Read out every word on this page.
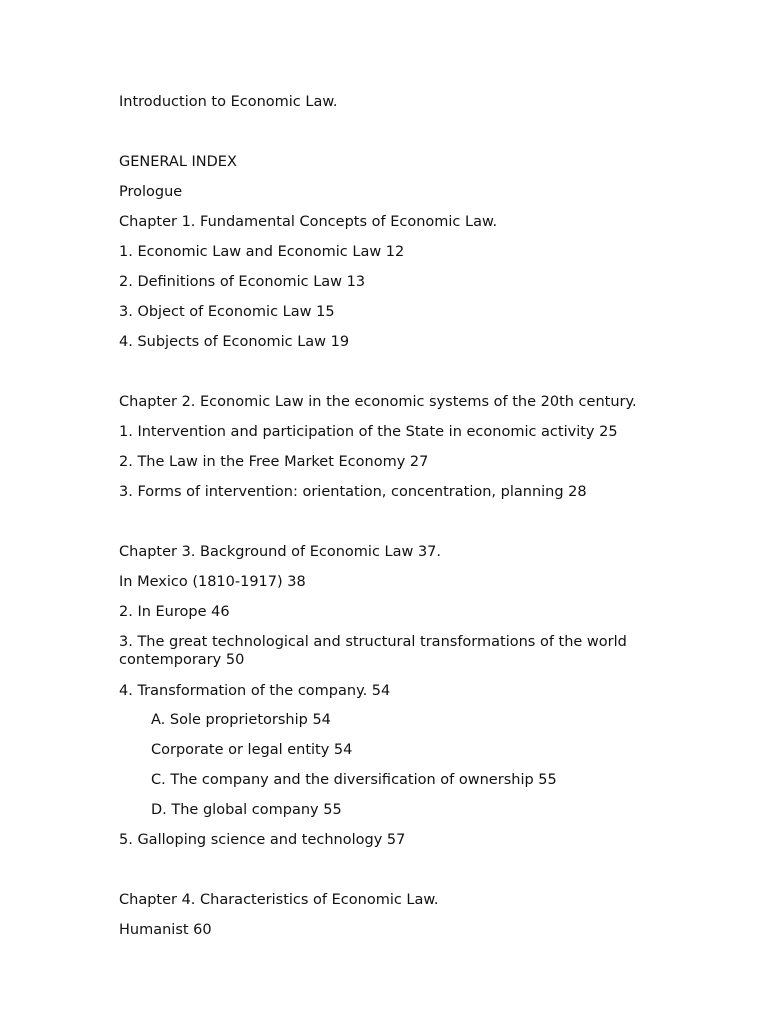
Introduction to Economic Law.
GENERAL INDEX
Prologue
Chapter 1. Fundamental Concepts of Economic Law.
1. Economic Law and Economic Law 12
2. Definitions of Economic Law 13
3. Object of Economic Law 15
4. Subjects of Economic Law 19
Chapter 2. Economic Law in the economic systems of the 20th century.
1. Intervention and participation of the State in economic activity 25
2. The Law in the Free Market Economy 27
3. Forms of intervention: orientation, concentration, planning 28
Chapter 3. Background of Economic Law 37.
In Mexico (1810-1917) 38
2. In Europe 46
3. The great technological and structural transformations of the world contemporary 50
4. Transformation of the company. 54
A. Sole proprietorship 54
Corporate or legal entity 54
C. The company and the diversification of ownership 55
D. The global company 55
5. Galloping science and technology 57
Chapter 4. Characteristics of Economic Law.
Humanist 60
